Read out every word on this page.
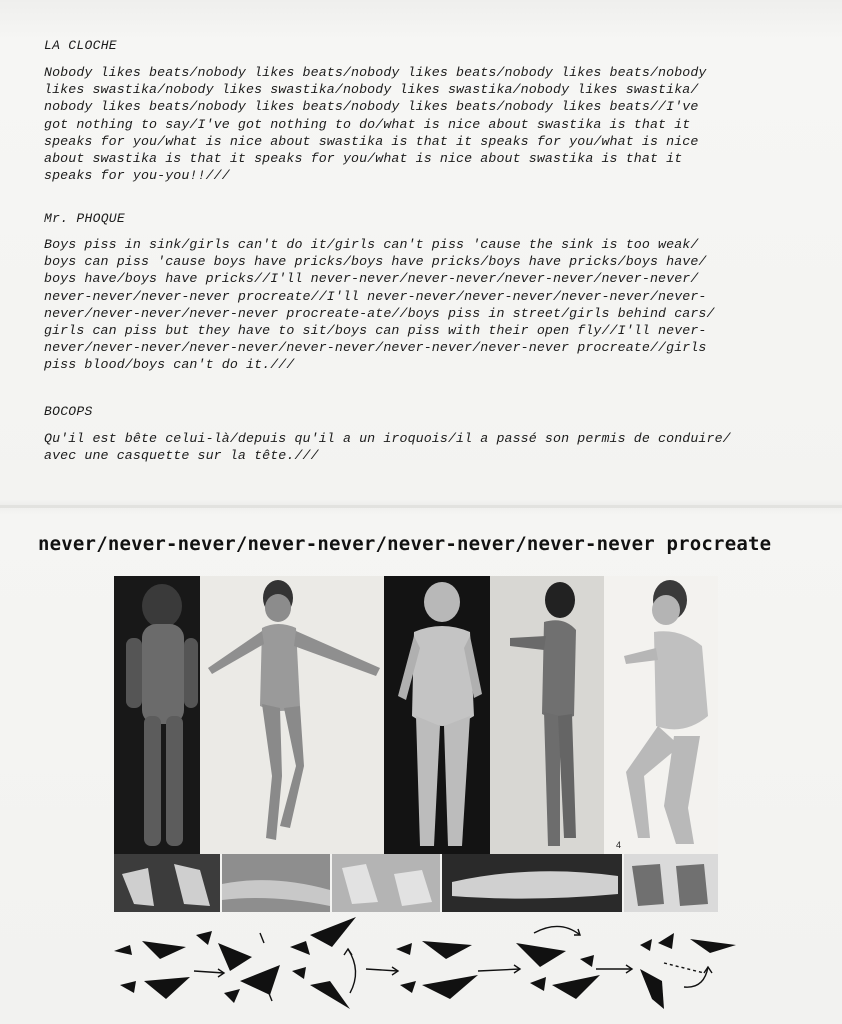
LA CLOCHE
Nobody likes beats/nobody likes beats/nobody likes beats/nobody likes beats/nobody
likes swastika/nobody likes swastika/nobody likes swastika/nobody likes swastika/
nobody likes beats/nobody likes beats/nobody likes beats/nobody likes beats//I've
got nothing to say/I've got nothing to do/what is nice about swastika is that it
speaks for you/what is nice about swastika is that it speaks for you/what is nice
about swastika is that it speaks for you/what is nice about swastika is that it
speaks for you-you!!///
Mr. PHOQUE
Boys piss in sink/girls can't do it/girls can't piss 'cause the sink is too weak/
boys can piss 'cause boys have pricks/boys have pricks/boys have pricks/boys have/
boys have/boys have pricks//I'll never-never/never-never/never-never/never-never/
never-never/never-never procreate//I'll never-never/never-never/never-never/never-
never/never-never/never-never procreate-ate//boys piss in street/girls behind cars/
girls can piss but they have to sit/boys can piss with their open fly//I'll never-
never/never-never/never-never/never-never/never-never/never-never procreate//girls
piss blood/boys can't do it.///
BOCOPS
Qu'il est bête celui-là/depuis qu'il a un iroquois/il a passé son permis de conduire/
avec une casquette sur la tête.///
never/never-never/never-never/never-never/never-never procreate
4
